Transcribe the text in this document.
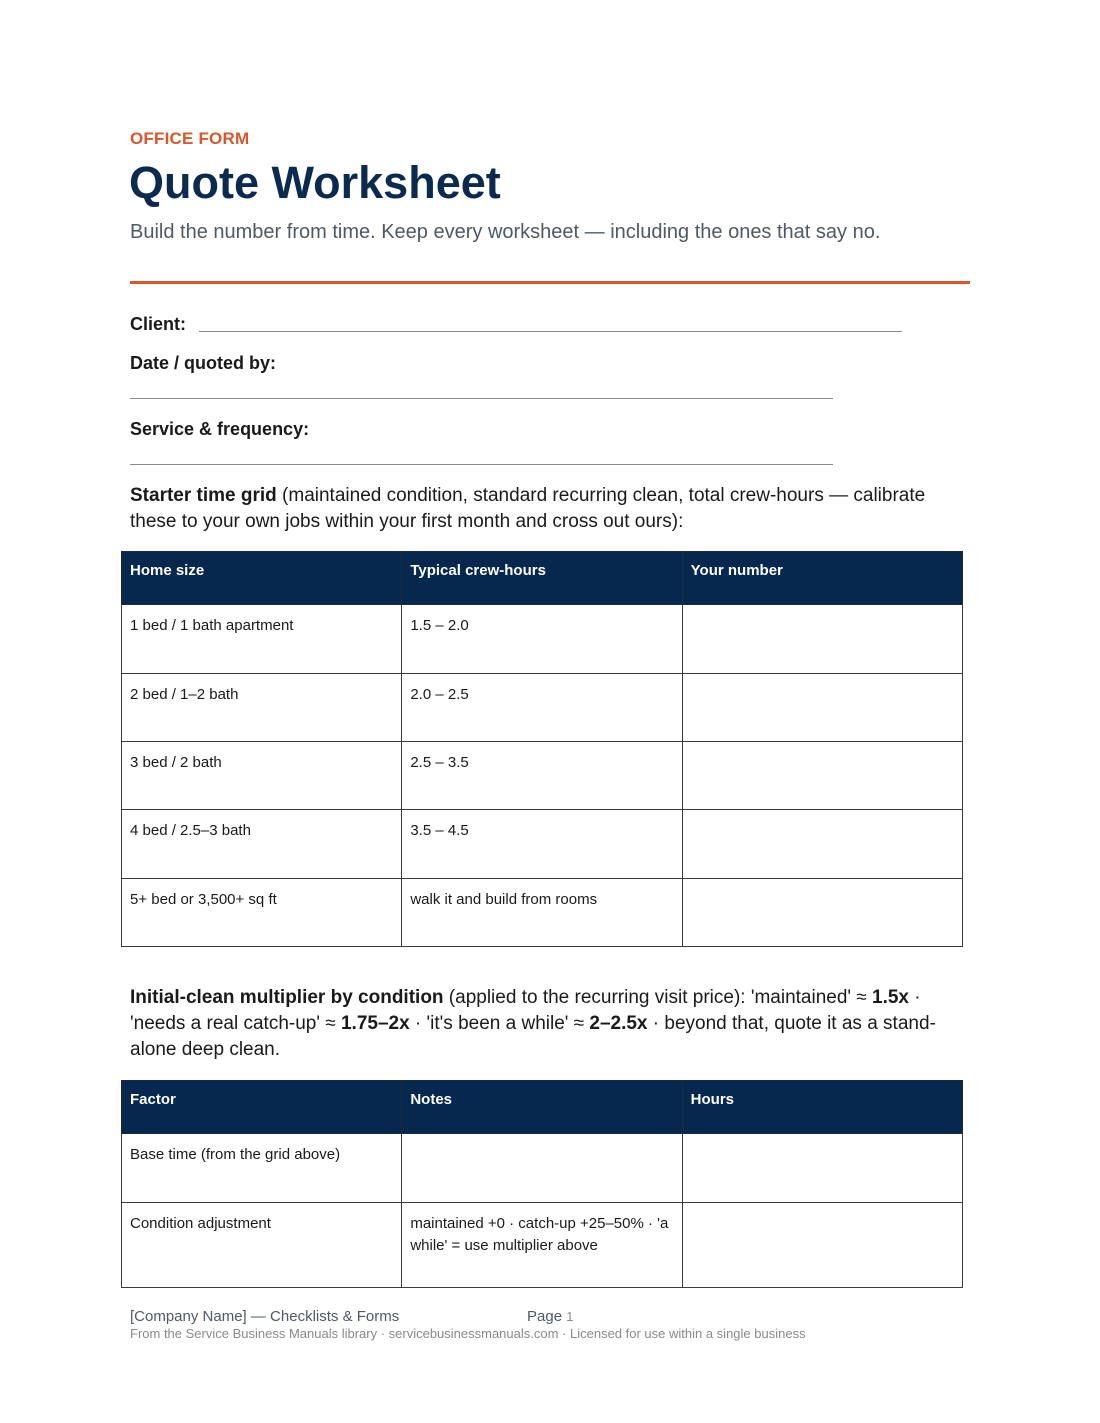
OFFICE FORM
Quote Worksheet
Build the number from time. Keep every worksheet — including the ones that say no.
Client:
Date / quoted by:
Service & frequency:

Starter time grid (maintained condition, standard recurring clean, total crew-hours — calibrate these to your own jobs within your first month and cross out ours):

Home size	Typical crew-hours	Your number
1 bed / 1 bath apartment	1.5 – 2.0	
2 bed / 1–2 bath	2.0 – 2.5	
3 bed / 2 bath	2.5 – 3.5	
4 bed / 2.5–3 bath	3.5 – 4.5	
5+ bed or 3,500+ sq ft	walk it and build from rooms	

Initial-clean multiplier by condition (applied to the recurring visit price): 'maintained' ≈ 1.5x · 'needs a real catch-up' ≈ 1.75–2x · 'it's been a while' ≈ 2–2.5x · beyond that, quote it as a stand-alone deep clean.

Factor	Notes	Hours
Base time (from the grid above)		
Condition adjustment	maintained +0 · catch-up +25–50% · 'a while' = use multiplier above	
[Company Name] — Checklists & Forms	Page 1
From the Service Business Manuals library · servicebusinessmanuals.com · Licensed for use within a single business
